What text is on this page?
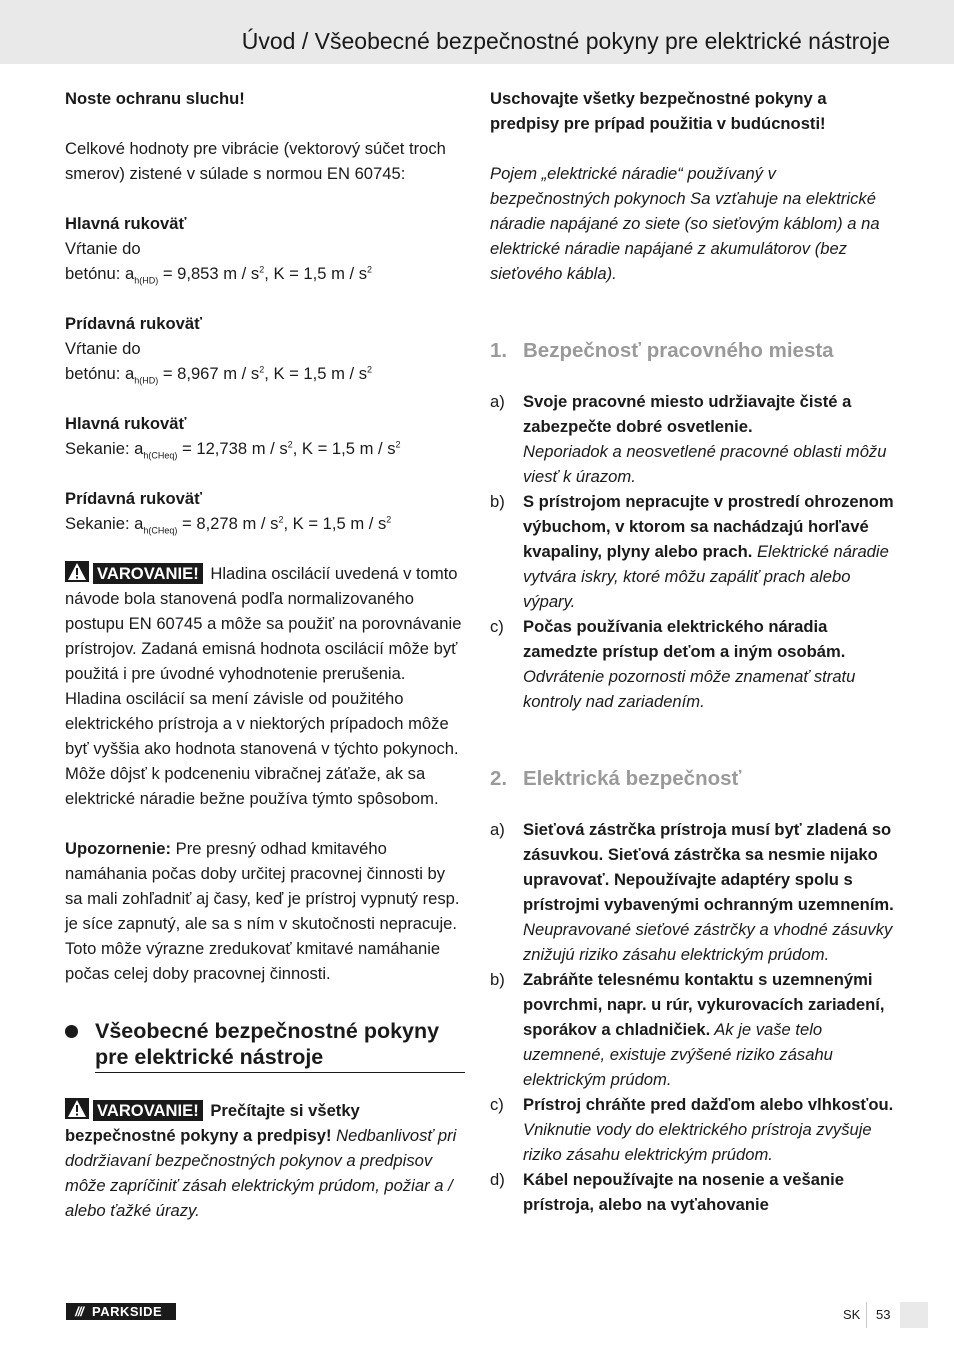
Úvod / Všeobecné bezpečnostné pokyny pre elektrické nástroje

Noste ochranu sluchu!

Celkové hodnoty pre vibrácie (vektorový súčet troch smerov) zistené v súlade s normou EN 60745:

Hlavná rukoväť

Vŕtanie do

betónu: $a_{h(HD)} = 9,853$ m / $s^2$, K = 1,5 m / $s^2$

Prídavná rukoväť

Vŕtanie do

betónu: $a_{h(HD)} = 8,967$ m / $s^2$, K = 1,5 m / $s^2$

Hlavná rukoväť

Sekanie: $a_{h(CHeq)} = 12,738$ m / $s^2$, K = 1,5 m / $s^2$

Prídavná rukoväť

Sekanie: $a_{h(CHeq)} = 8,278$ m / $s^2$, K = 1,5 m / $s^2$

VAROVANIE! Hladina oscilácií uvedená v tomto návode bola stanovená podľa normalizovaného postupu EN 60745 a môže sa použiť na porovnávanie prístrojov. Zadaná emisná hodnota oscilácií môže byť použitá i pre úvodné vyhodnotenie prerušenia. Hladina oscilácií sa mení závisle od použitého elektrického prístroja a v niektorých prípadoch môže byť vyššia ako hodnota stanovená v týchto pokynoch. Môže dôjsť k podceneniu vibračnej záťaže, ak sa elektrické náradie bežne používa týmto spôsobom.

Upozornenie: Pre presný odhad kmitavého namáhania počas doby určitej pracovnej činnosti by sa mali zohľadniť aj časy, keď je prístroj vypnutý resp. je síce zapnutý, ale sa s ním v skutočnosti nepracuje. Toto môže výrazne zredukovať kmitavé namáhanie počas celej doby pracovnej činnosti.

Všeobecné bezpečnostné pokyny pre elektrické nástroje

VAROVANIE! Prečítajte si všetky bezpečnostné pokyny a predpisy! Nedbanlivosť pri dodržiavaní bezpečnostných pokynov a predpisov môže zapríčiniť zásah elektrickým prúdom, požiar a / alebo ťažké úrazy.

Uschovajte všetky bezpečnostné pokyny a predpisy pre prípad použitia v budúcnosti!

Pojem „elektrické náradie“ používaný v bezpečnostných pokynoch Sa vzťahuje na elektrické náradie napájané zo siete (so sieťovým káblom) a na elektrické náradie napájané z akumulátorov (bez sieťového kábla).

1. Bezpečnosť pracovného miesta
a)	Svoje pracovné miesto udržiavajte čisté a zabezpečte dobré osvetlenie.
Neporiadok a neosvetlené pracovné oblasti môžu viesť k úrazom.
b)	S prístrojom nepracujte v prostredí ohrozenom výbuchom, v ktorom sa nachádzajú horľavé kvapaliny, plyny alebo prach. Elektrické náradie vytvára iskry, ktoré môžu zapáliť prach alebo výpary.
c)	Počas používania elektrického náradia zamedzte prístup deťom a iným osobám. Odvrátenie pozornosti môže znamenať stratu kontroly nad zariadením.
2. Elektrická bezpečnosť
a)	Sieťová zástrčka prístroja musí byť zladená so zásuvkou. Sieťová zástrčka sa nesmie nijako upravovať. Nepoužívajte adaptéry spolu s prístrojmi vybavenými ochranným uzemnením.
Neupravované sieťové zástrčky a vhodné zásuvky znižujú riziko zásahu elektrickým prúdom.
b)	Zabráňte telesnému kontaktu s uzemnenými povrchmi, napr. u rúr, vykurovacích zariadení, sporákov a chladničiek. Ak je vaše telo uzemnené, existuje zvýšené riziko zásahu elektrickým prúdom.
c)	Prístroj chráňte pred dažďom alebo vlhkosťou. Vniknutie vody do elektrického prístroja zvyšuje riziko zásahu elektrickým prúdom.
d)	Kábel nepoužívajte na nosenie a vešanie prístroja, alebo na vyťahovanie
/// PARKSIDE	SK 53
